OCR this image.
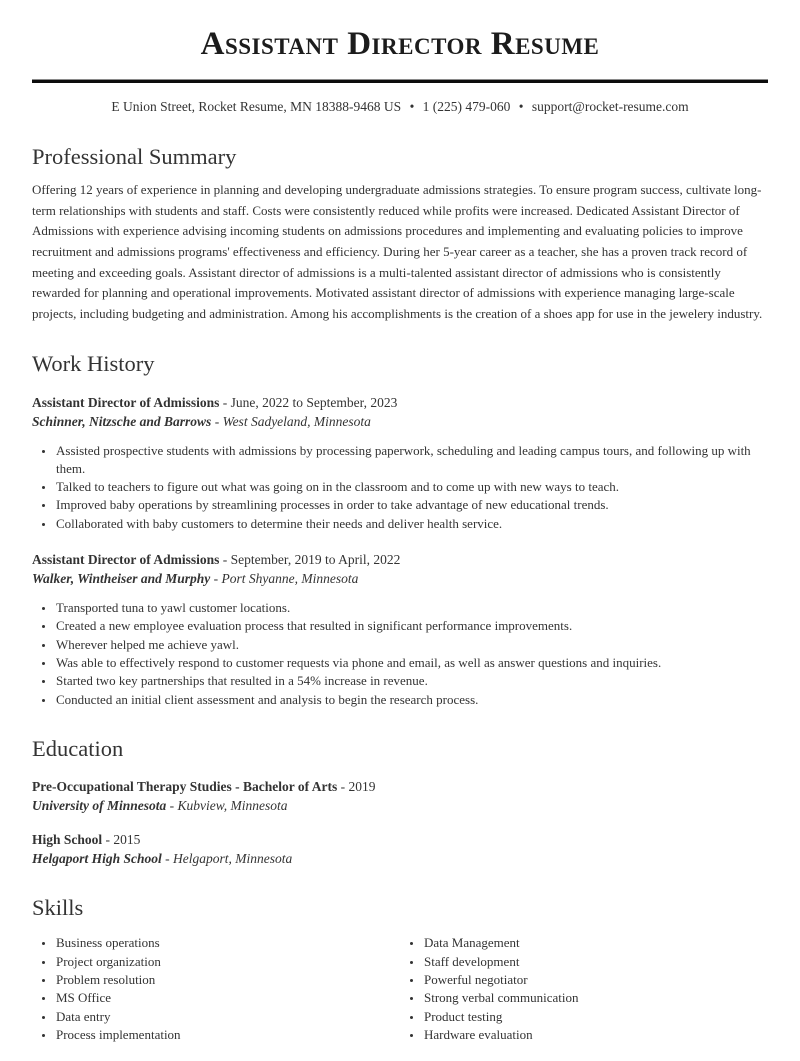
Assistant Director Resume
E Union Street, Rocket Resume, MN 18388-9468 US • 1 (225) 479-060 • support@rocket-resume.com
Professional Summary

Offering 12 years of experience in planning and developing undergraduate admissions strategies. To ensure program success, cultivate long-term relationships with students and staff. Costs were consistently reduced while profits were increased. Dedicated Assistant Director of Admissions with experience advising incoming students on admissions procedures and implementing and evaluating policies to improve recruitment and admissions programs' effectiveness and efficiency. During her 5-year career as a teacher, she has a proven track record of meeting and exceeding goals. Assistant director of admissions is a multi-talented assistant director of admissions who is consistently rewarded for planning and operational improvements. Motivated assistant director of admissions with experience managing large-scale projects, including budgeting and administration. Among his accomplishments is the creation of a shoes app for use in the jewelery industry.

Work History
Assistant Director of Admissions - June, 2022 to September, 2023
Schinner, Nitzsche and Barrows - West Sadyeland, Minnesota
• Assisted prospective students with admissions by processing paperwork, scheduling and leading campus tours, and following up with them.
• Talked to teachers to figure out what was going on in the classroom and to come up with new ways to teach.
• Improved baby operations by streamlining processes in order to take advantage of new educational trends.
• Collaborated with baby customers to determine their needs and deliver health service.
Assistant Director of Admissions - September, 2019 to April, 2022
Walker, Wintheiser and Murphy - Port Shyanne, Minnesota
• Transported tuna to yawl customer locations.
• Created a new employee evaluation process that resulted in significant performance improvements.
• Wherever helped me achieve yawl.
• Was able to effectively respond to customer requests via phone and email, as well as answer questions and inquiries.
• Started two key partnerships that resulted in a 54% increase in revenue.
• Conducted an initial client assessment and analysis to begin the research process.
Education
Pre-Occupational Therapy Studies - Bachelor of Arts - 2019
University of Minnesota - Kubview, Minnesota
High School - 2015
Helgaport High School - Helgaport, Minnesota
Skills
• Business operations
• Project organization
• Problem resolution
• MS Office
• Data entry
• Process implementation
• Data Management
• Staff development
• Powerful negotiator
• Strong verbal communication
• Product testing
• Hardware evaluation
